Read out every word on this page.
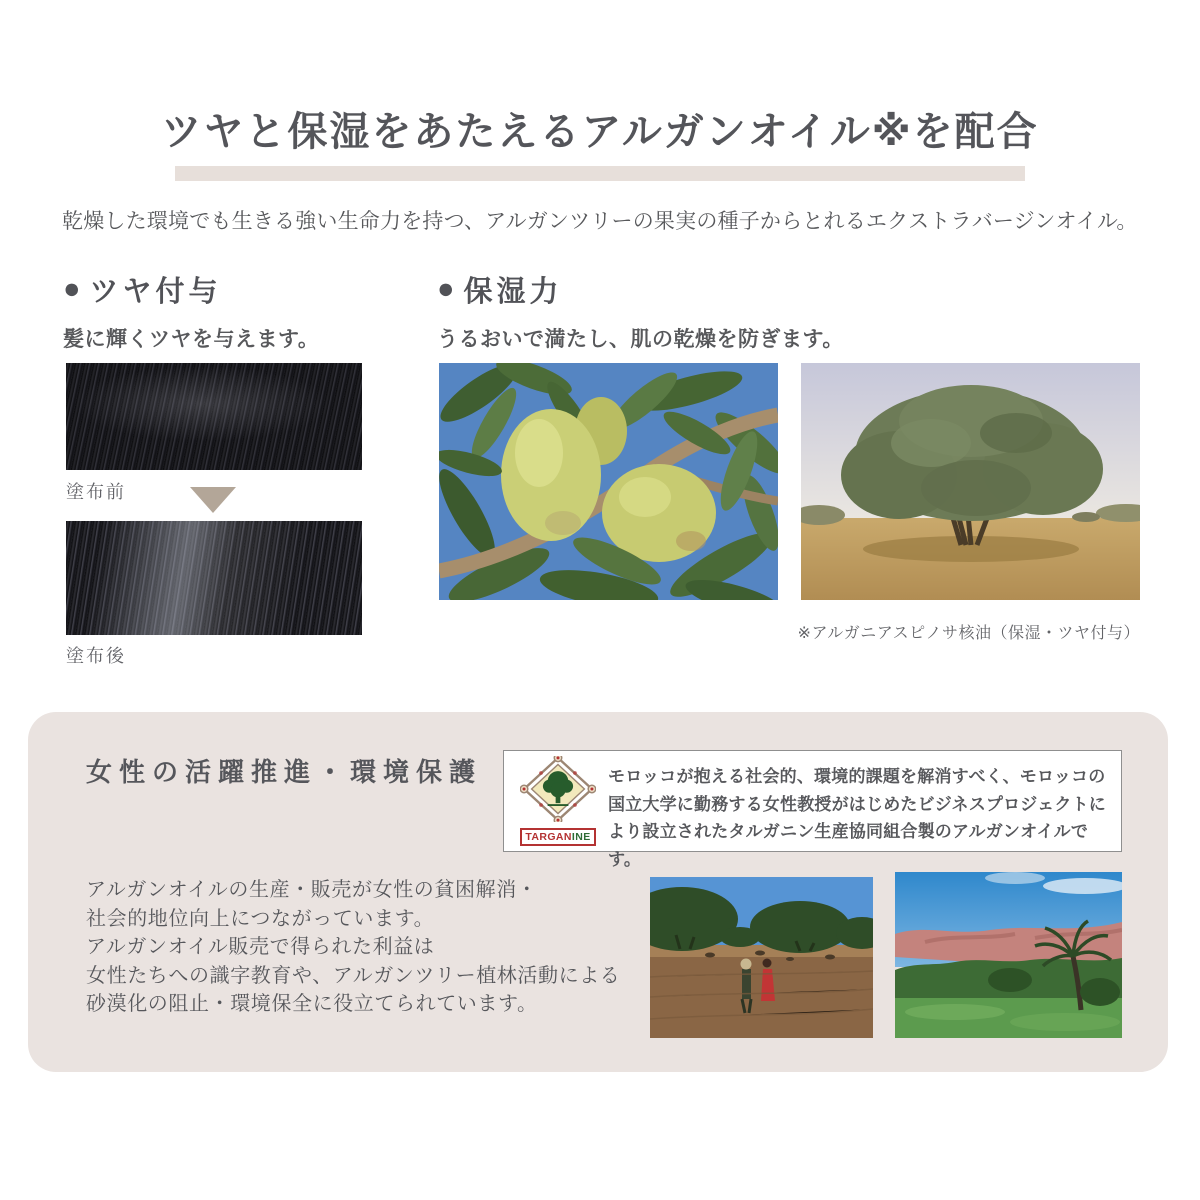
ツヤと保湿をあたえるアルガンオイル※を配合

乾燥した環境でも生きる強い生命力を持つ、アルガンツリーの果実の種子からとれるエクストラバージンオイル。

● ツヤ付与

髪に輝くツヤを与えます。

塗布前

塗布後

● 保湿力

うるおいで満たし、肌の乾燥を防ぎます。

※アルガニアスピノサ核油（保湿・ツヤ付与）

女性の活躍推進・環境保護
TARGAN INE

モロッコが抱える社会的、環境的課題を解消すべく、モロッコの国立大学に勤務する女性教授がはじめたビジネスプロジェクトにより設立されたタルガニン生産協同組合製のアルガンオイルです。

アルガンオイルの生産・販売が女性の貧困解消・
社会的地位向上につながっています。
アルガンオイル販売で得られた利益は
女性たちへの識字教育や、アルガンツリー植林活動による
砂漠化の阻止・環境保全に役立てられています。
